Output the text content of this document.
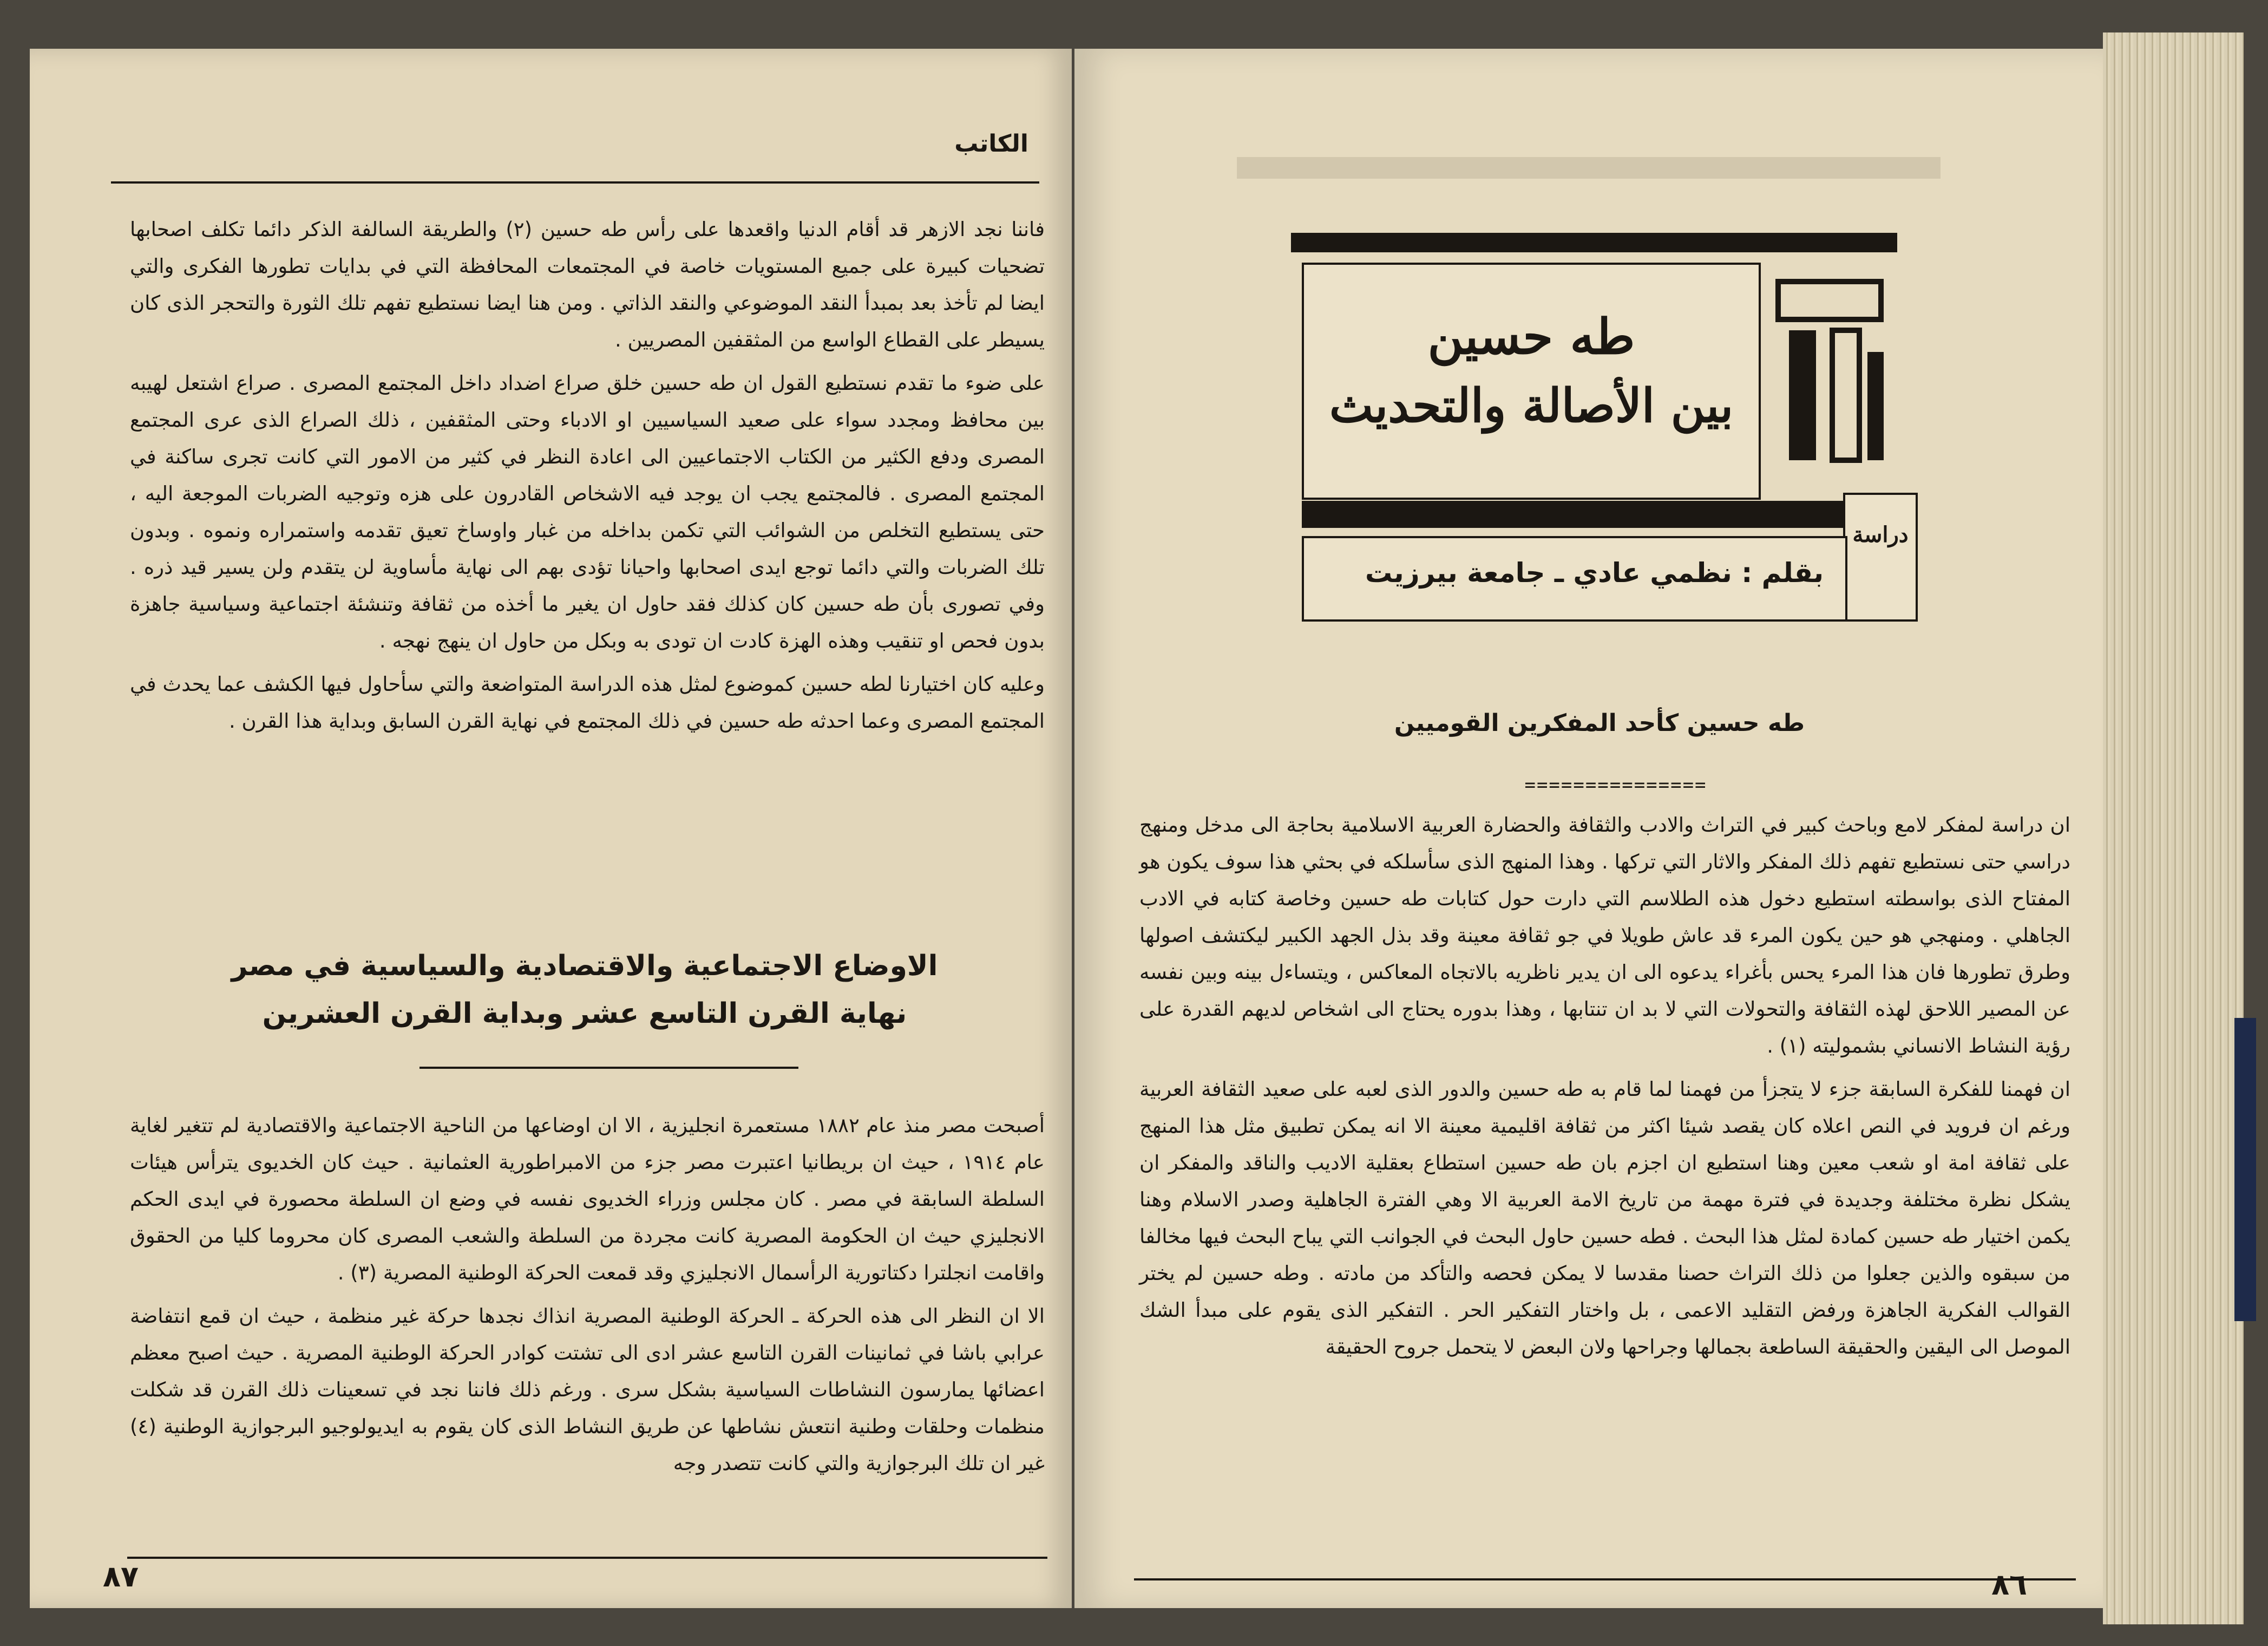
الكاتب

فاننا نجد الازهر قد أقام الدنيا واقعدها على رأس طه حسين (٢) والطريقة السالفة الذكر دائما تكلف اصحابها تضحيات كبيرة على جميع المستويات خاصة في المجتمعات المحافظة التي في بدايات تطورها الفكرى والتي ايضا لم تأخذ بعد بمبدأ النقد الموضوعي والنقد الذاتي . ومن هنا ايضا نستطيع تفهم تلك الثورة والتحجر الذى كان يسيطر على القطاع الواسع من المثقفين المصريين .

على ضوء ما تقدم نستطيع القول ان طه حسين خلق صراع اضداد داخل المجتمع المصرى . صراع اشتعل لهيبه بين محافظ ومجدد سواء على صعيد السياسيين او الادباء وحتى المثقفين ، ذلك الصراع الذى عرى المجتمع المصرى ودفع الكثير من الكتاب الاجتماعيين الى اعادة النظر في كثير من الامور التي كانت تجرى ساكنة في المجتمع المصرى . فالمجتمع يجب ان يوجد فيه الاشخاص القادرون على هزه وتوجيه الضربات الموجعة اليه ، حتى يستطيع التخلص من الشوائب التي تكمن بداخله من غبار واوساخ تعيق تقدمه واستمراره ونموه . وبدون تلك الضربات والتي دائما توجع ايدى اصحابها واحيانا تؤدى بهم الى نهاية مأساوية لن يتقدم ولن يسير قيد ذره . وفي تصورى بأن طه حسين كان كذلك فقد حاول ان يغير ما أخذه من ثقافة وتنشئة اجتماعية وسياسية جاهزة بدون فحص او تنقيب وهذه الهزة كادت ان تودى به وبكل من حاول ان ينهج نهجه .

وعليه كان اختيارنا لطه حسين كموضوع لمثل هذه الدراسة المتواضعة والتي سأحاول فيها الكشف عما يحدث في المجتمع المصرى وعما احدثه طه حسين في ذلك المجتمع في نهاية القرن السابق وبداية هذا القرن .

الاوضاع الاجتماعية والاقتصادية والسياسية في مصر
نهاية القرن التاسع عشر وبداية القرن العشرين

أصبحت مصر منذ عام ١٨٨٢ مستعمرة انجليزية ، الا ان اوضاعها من الناحية الاجتماعية والاقتصادية لم تتغير لغاية عام ١٩١٤ ، حيث ان بريطانيا اعتبرت مصر جزء من الامبراطورية العثمانية . حيث كان الخديوى يترأس هيئات السلطة السابقة في مصر . كان مجلس وزراء الخديوى نفسه في وضع ان السلطة محصورة في ايدى الحكم الانجليزي حيث ان الحكومة المصرية كانت مجردة من السلطة والشعب المصرى كان محروما كليا من الحقوق واقامت انجلترا دكتاتورية الرأسمال الانجليزي وقد قمعت الحركة الوطنية المصرية (٣) .

الا ان النظر الى هذه الحركة ـ الحركة الوطنية المصرية انذاك نجدها حركة غير منظمة ، حيث ان قمع انتفاضة عرابي باشا في ثمانينات القرن التاسع عشر ادى الى تشتت كوادر الحركة الوطنية المصرية . حيث اصبح معظم اعضائها يمارسون النشاطات السياسية بشكل سرى . ورغم ذلك فاننا نجد في تسعينات ذلك القرن قد شكلت منظمات وحلقات وطنية انتعش نشاطها عن طريق النشاط الذى كان يقوم به ايديولوجيو البرجوازية الوطنية (٤) غير ان تلك البرجوازية والتي كانت تتصدر وجه

٨٧
طه حسين
بين الأصالة والتحديث
دراسة
بقلم : نظمي عادي ـ جامعة بيرزيت
طه حسين كأحد المفكرين القوميين
===============

ان دراسة لمفكر لامع وباحث كبير في التراث والادب والثقافة والحضارة العربية الاسلامية بحاجة الى مدخل ومنهج دراسي حتى نستطيع تفهم ذلك المفكر والاثار التي تركها . وهذا المنهج الذى سأسلكه في بحثي هذا سوف يكون هو المفتاح الذى بواسطته استطيع دخول هذه الطلاسم التي دارت حول كتابات طه حسين وخاصة كتابه في الادب الجاهلي . ومنهجي هو حين يكون المرء قد عاش طويلا في جو ثقافة معينة وقد بذل الجهد الكبير ليكتشف اصولها وطرق تطورها فان هذا المرء يحس بأغراء يدعوه الى ان يدير ناظريه بالاتجاه المعاكس ، ويتساءل بينه وبين نفسه عن المصير اللاحق لهذه الثقافة والتحولات التي لا بد ان تنتابها ، وهذا بدوره يحتاج الى اشخاص لديهم القدرة على رؤية النشاط الانساني بشموليته (١) .

ان فهمنا للفكرة السابقة جزء لا يتجزأ من فهمنا لما قام به طه حسين والدور الذى لعبه على صعيد الثقافة العربية ورغم ان فرويد في النص اعلاه كان يقصد شيئا اكثر من ثقافة اقليمية معينة الا انه يمكن تطبيق مثل هذا المنهج على ثقافة امة او شعب معين وهنا استطيع ان اجزم بان طه حسين استطاع بعقلية الاديب والناقد والمفكر ان يشكل نظرة مختلفة وجديدة في فترة مهمة من تاريخ الامة العربية الا وهي الفترة الجاهلية وصدر الاسلام وهنا يكمن اختيار طه حسين كمادة لمثل هذا البحث . فطه حسين حاول البحث في الجوانب التي يباح البحث فيها مخالفا من سبقوه والذين جعلوا من ذلك التراث حصنا مقدسا لا يمكن فحصه والتأكد من مادته . وطه حسين لم يختر القوالب الفكرية الجاهزة ورفض التقليد الاعمى ، بل واختار التفكير الحر . التفكير الذى يقوم على مبدأ الشك الموصل الى اليقين والحقيقة الساطعة بجمالها وجراحها ولان البعض لا يتحمل جروح الحقيقة

٨٦
